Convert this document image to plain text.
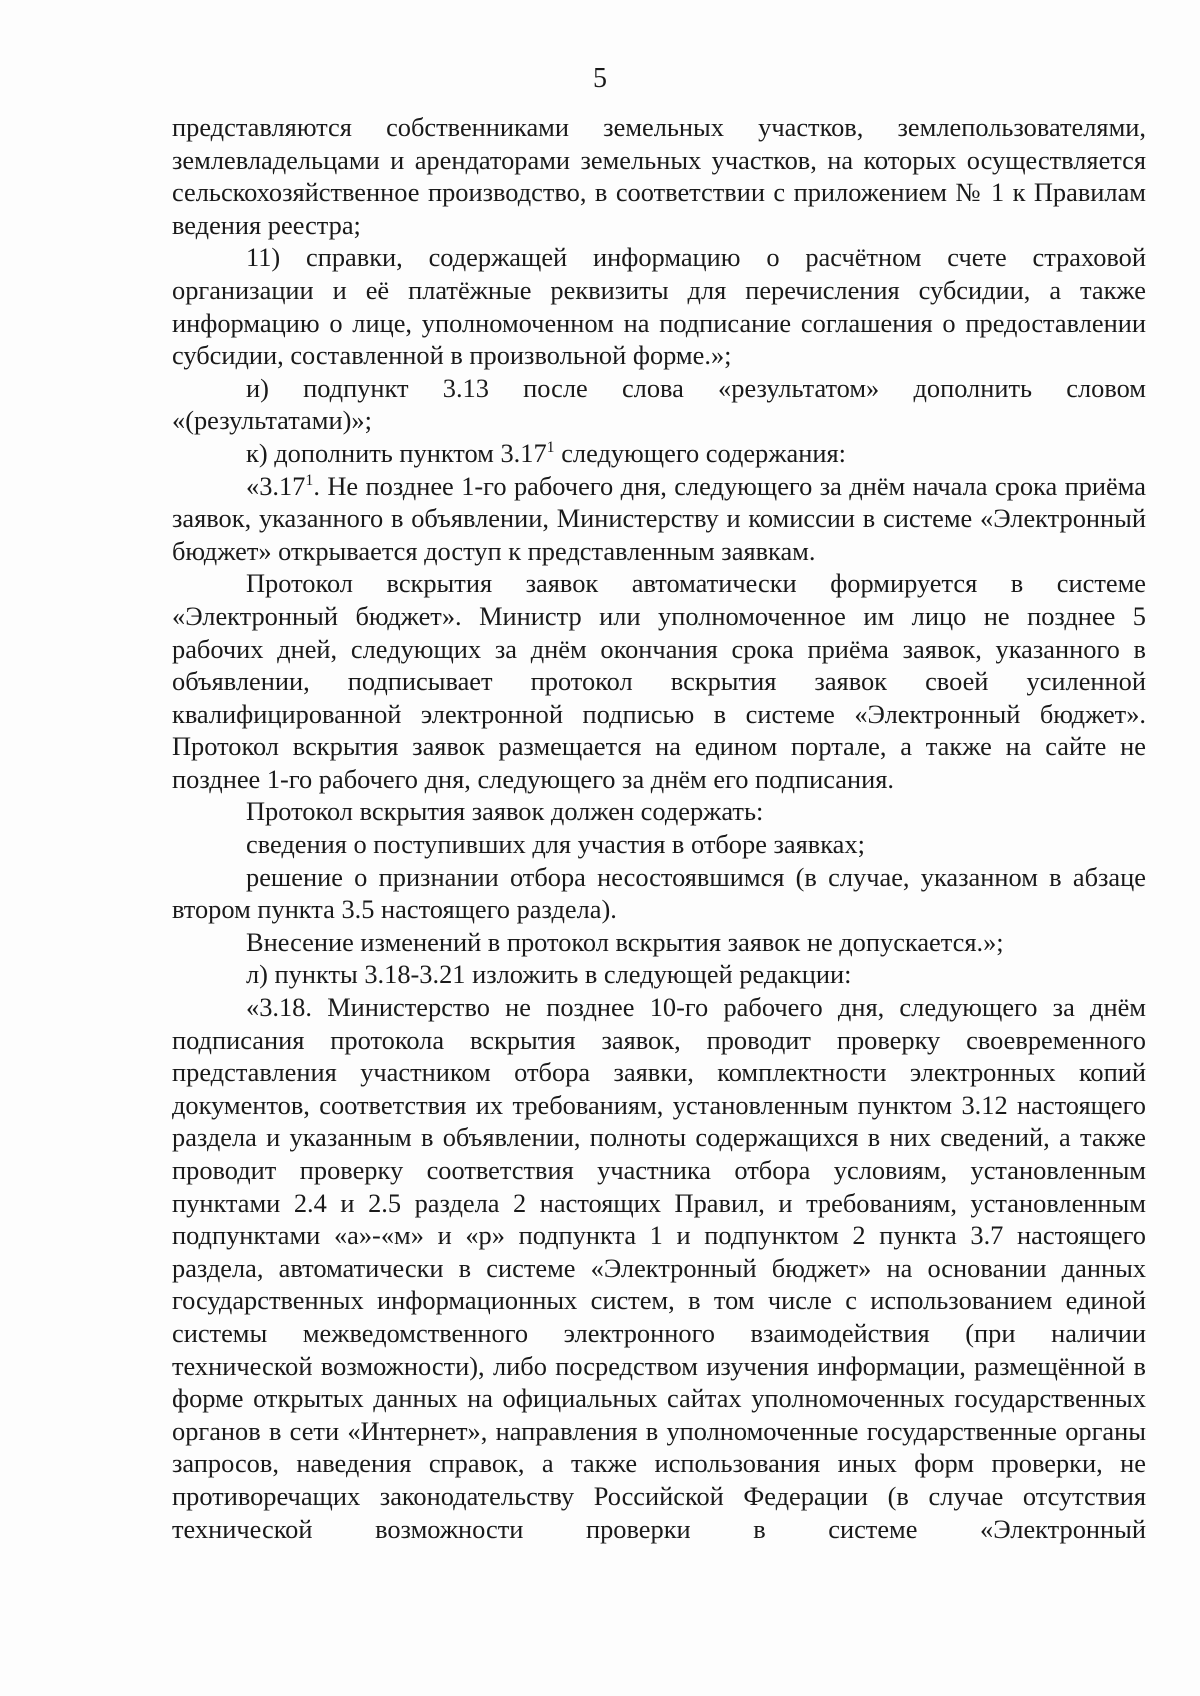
5

представляются собственниками земельных участков, землепользователями, землевладельцами и арендаторами земельных участков, на которых осуществляется сельскохозяйственное производство, в соответствии с приложением № 1 к Правилам ведения реестра;

11) справки, содержащей информацию о расчётном счете страховой организации и её платёжные реквизиты для перечисления субсидии, а также информацию о лице, уполномоченном на подписание соглашения о предоставлении субсидии, составленной в произвольной форме.»;

и) подпункт 3.13 после слова «результатом» дополнить словом «(результатами)»;

к) дополнить пунктом 3.17$^1$ следующего содержания:

«3.17$^1$. Не позднее 1-го рабочего дня, следующего за днём начала срока приёма заявок, указанного в объявлении, Министерству и комиссии в системе «Электронный бюджет» открывается доступ к представленным заявкам.

Протокол вскрытия заявок автоматически формируется в системе «Электронный бюджет». Министр или уполномоченное им лицо не позднее 5 рабочих дней, следующих за днём окончания срока приёма заявок, указанного в объявлении, подписывает протокол вскрытия заявок своей усиленной квалифицированной электронной подписью в системе «Электронный бюджет». Протокол вскрытия заявок размещается на едином портале, а также на сайте не позднее 1-го рабочего дня, следующего за днём его подписания.

Протокол вскрытия заявок должен содержать:

сведения о поступивших для участия в отборе заявках;

решение о признании отбора несостоявшимся (в случае, указанном в абзаце втором пункта 3.5 настоящего раздела).

Внесение изменений в протокол вскрытия заявок не допускается.»;

л) пункты 3.18-3.21 изложить в следующей редакции:

«3.18. Министерство не позднее 10-го рабочего дня, следующего за днём подписания протокола вскрытия заявок, проводит проверку своевременного представления участником отбора заявки, комплектности электронных копий документов, соответствия их требованиям, установленным пунктом 3.12 настоящего раздела и указанным в объявлении, полноты содержащихся в них сведений, а также проводит проверку соответствия участника отбора условиям, установленным пунктами 2.4 и 2.5 раздела 2 настоящих Правил, и требованиям, установленным подпунктами «а»-«м» и «р» подпункта 1 и подпунктом 2 пункта 3.7 настоящего раздела, автоматически в системе «Электронный бюджет» на основании данных государственных информационных систем, в том числе с использованием единой системы межведомственного электронного взаимодействия (при наличии технической возможности), либо посредством изучения информации, размещённой в форме открытых данных на официальных сайтах уполномоченных государственных органов в сети «Интернет», направления в уполномоченные государственные органы запросов, наведения справок, а также использования иных форм проверки, не противоречащих законодательству Российской Федерации (в случае отсутствия технической возможности проверки в системе «Электронный
